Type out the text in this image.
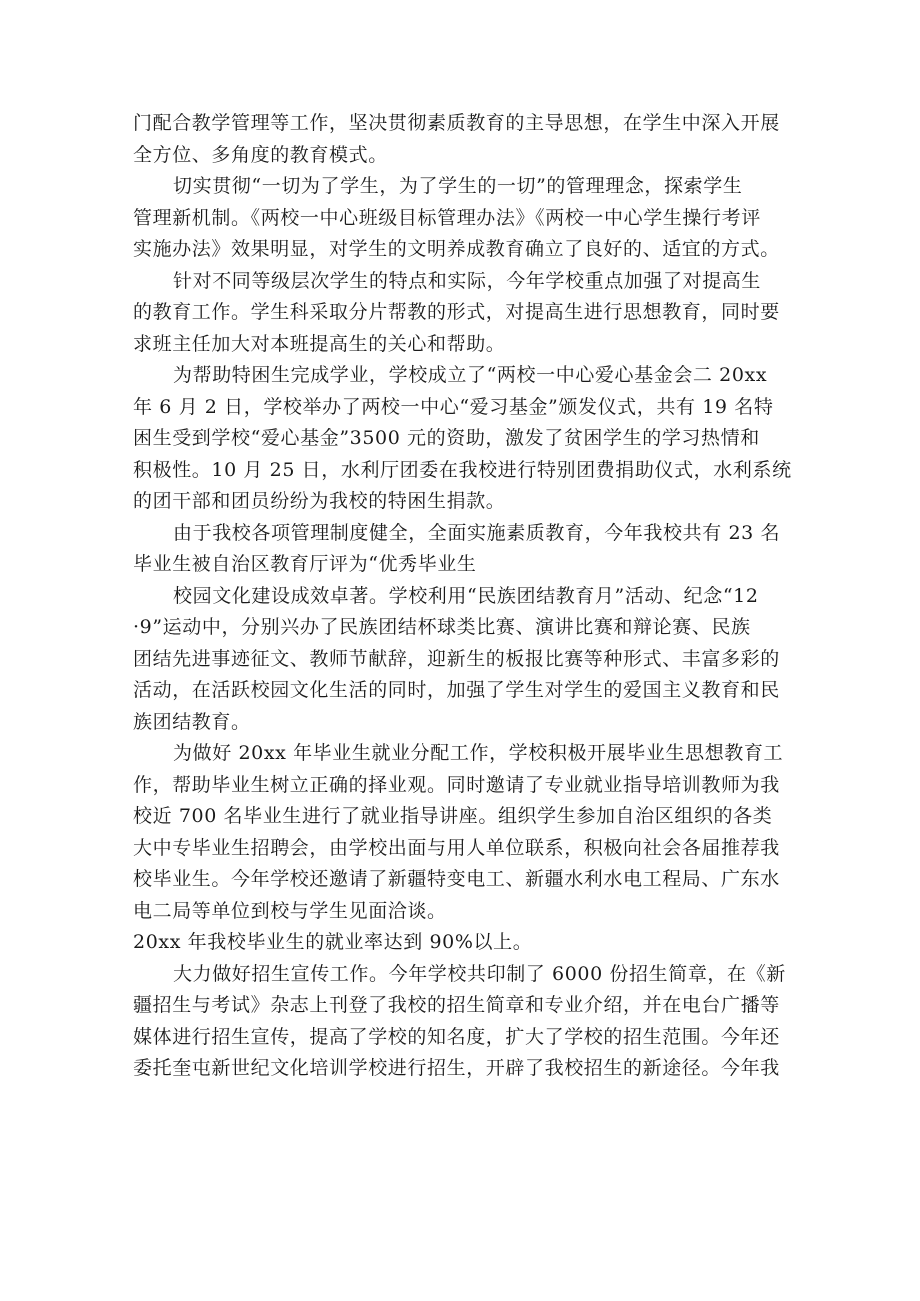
门配合教学管理等工作，坚决贯彻素质教育的主导思想，在学生中深入开展
全方位、多角度的教育模式。
切实贯彻“一切为了学生，为了学生的一切”的管理理念，探索学生
管理新机制。《两校一中心班级目标管理办法》《两校一中心学生操行考评
实施办法》效果明显，对学生的文明养成教育确立了良好的、适宜的方式。
针对不同等级层次学生的特点和实际，今年学校重点加强了对提高生
的教育工作。学生科采取分片帮教的形式，对提高生进行思想教育，同时要
求班主任加大对本班提高生的关心和帮助。
为帮助特困生完成学业，学校成立了“两校一中心爱心基金会二 20xx
年 6 月 2 日，学校举办了两校一中心“爱习基金”颁发仪式，共有 19 名特
困生受到学校“爱心基金”3500 元的资助，激发了贫困学生的学习热情和
积极性。10 月 25 日，水利厅团委在我校进行特别团费捐助仪式，水利系统
的团干部和团员纷纷为我校的特困生捐款。
由于我校各项管理制度健全，全面实施素质教育，今年我校共有 23 名
毕业生被自治区教育厅评为“优秀毕业生
校园文化建设成效卓著。学校利用“民族团结教育月”活动、纪念“12
·9”运动中，分别兴办了民族团结杯球类比赛、演讲比赛和辩论赛、民族
团结先进事迹征文、教师节献辞，迎新生的板报比赛等种形式、丰富多彩的
活动，在活跃校园文化生活的同时，加强了学生对学生的爱国主义教育和民
族团结教育。
为做好 20xx 年毕业生就业分配工作，学校积极开展毕业生思想教育工
作，帮助毕业生树立正确的择业观。同时邀请了专业就业指导培训教师为我
校近 700 名毕业生进行了就业指导讲座。组织学生参加自治区组织的各类
大中专毕业生招聘会，由学校出面与用人单位联系，积极向社会各届推荐我
校毕业生。今年学校还邀请了新疆特变电工、新疆水利水电工程局、广东水
电二局等单位到校与学生见面洽谈。
20xx 年我校毕业生的就业率达到 90%以上。
大力做好招生宣传工作。今年学校共印制了 6000 份招生简章，在《新
疆招生与考试》杂志上刊登了我校的招生简章和专业介绍，并在电台广播等
媒体进行招生宣传，提高了学校的知名度，扩大了学校的招生范围。今年还
委托奎屯新世纪文化培训学校进行招生，开辟了我校招生的新途径。今年我
